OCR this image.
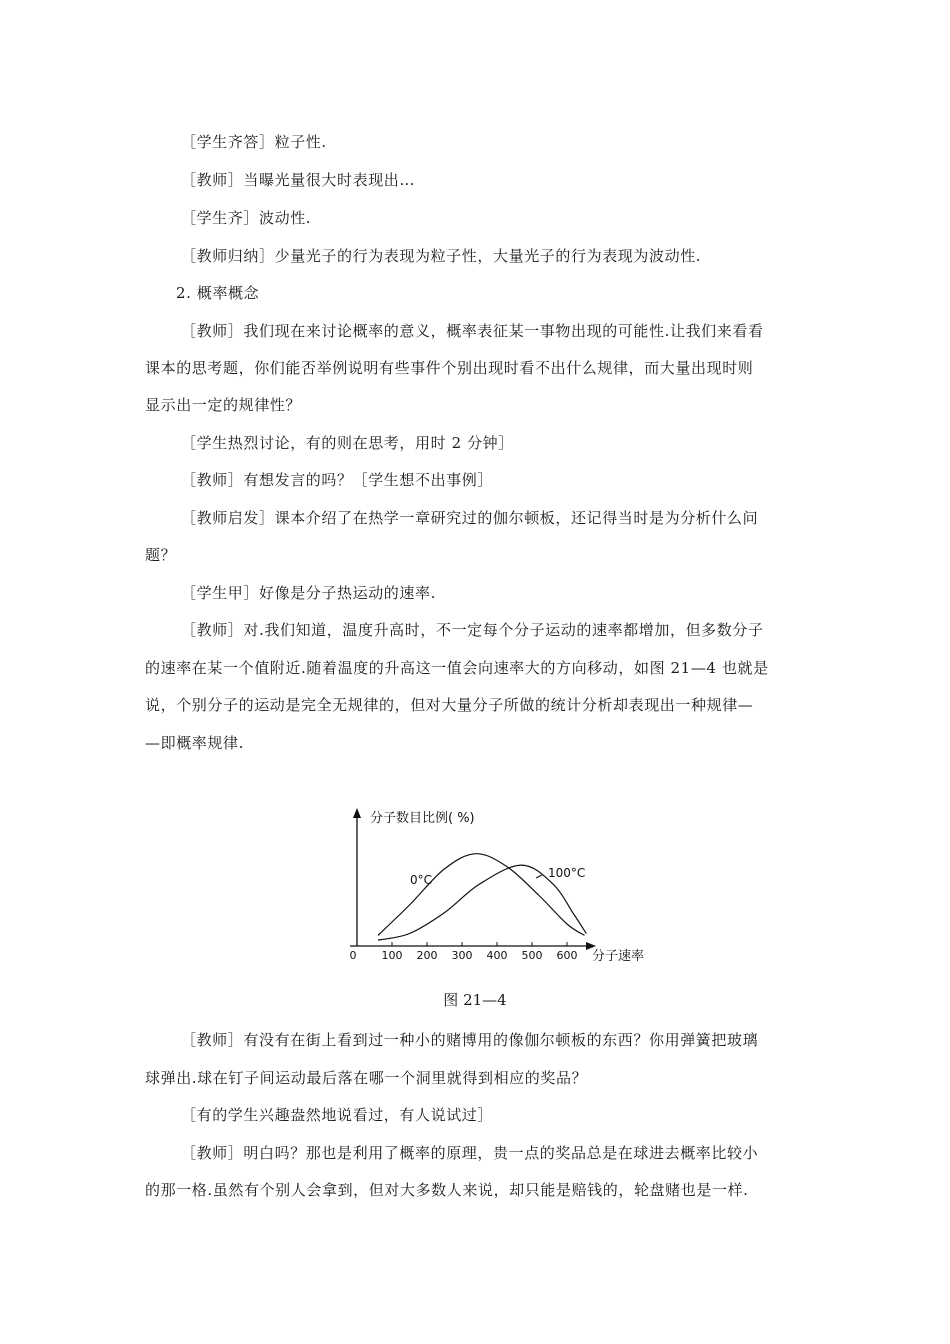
［学生齐答］粒子性.
［教师］当曝光量很大时表现出…
［学生齐］波动性.
［教师归纳］少量光子的行为表现为粒子性，大量光子的行为表现为波动性.
2. 概率概念
［教师］我们现在来讨论概率的意义，概率表征某一事物出现的可能性.让我们来看看
课本的思考题，你们能否举例说明有些事件个别出现时看不出什么规律，而大量出现时则
显示出一定的规律性？
［学生热烈讨论，有的则在思考，用时 2 分钟］
［教师］有想发言的吗？［学生想不出事例］
［教师启发］课本介绍了在热学一章研究过的伽尔顿板，还记得当时是为分析什么问
题？
［学生甲］好像是分子热运动的速率.
［教师］对.我们知道，温度升高时，不一定每个分子运动的速率都增加，但多数分子
的速率在某一个值附近.随着温度的升高这一值会向速率大的方向移动，如图 21—4 也就是
说，个别分子的运动是完全无规律的，但对大量分子所做的统计分析却表现出一种规律—
—即概率规律.
分子数目比例( %)
分子速率
0 100 200 300 400 500 600
0°C	100°C
图 21—4
［教师］有没有在街上看到过一种小的赌博用的像伽尔顿板的东西？你用弹簧把玻璃
球弹出.球在钉子间运动最后落在哪一个洞里就得到相应的奖品？
［有的学生兴趣盎然地说看过，有人说试过］
［教师］明白吗？那也是利用了概率的原理，贵一点的奖品总是在球进去概率比较小
的那一格.虽然有个别人会拿到，但对大多数人来说，却只能是赔钱的，轮盘赌也是一样.
